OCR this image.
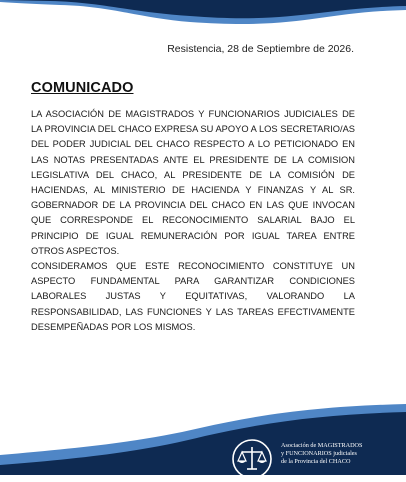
Resistencia, 28 de Septiembre de 2026.
COMUNICADO

LA ASOCIACIÓN DE MAGISTRADOS Y FUNCIONARIOS JUDICIALES DE LA PROVINCIA DEL CHACO EXPRESA SU APOYO A LOS SECRETARIO/AS DEL PODER JUDICIAL DEL CHACO RESPECTO A LO PETICIONADO EN LAS NOTAS PRESENTADAS ANTE EL PRESIDENTE DE LA COMISION LEGISLATIVA DEL CHACO, AL PRESIDENTE DE LA COMISIÓN DE HACIENDAS, AL MINISTERIO DE HACIENDA Y FINANZAS Y AL SR. GOBERNADOR DE LA PROVINCIA DEL CHACO EN LAS QUE INVOCAN QUE CORRESPONDE EL RECONOCIMIENTO SALARIAL BAJO EL PRINCIPIO DE IGUAL REMUNERACIÓN POR IGUAL TAREA ENTRE OTROS ASPECTOS.

CONSIDERAMOS QUE ESTE RECONOCIMIENTO CONSTITUYE UN ASPECTO FUNDAMENTAL PARA GARANTIZAR CONDICIONES LABORALES JUSTAS Y EQUITATIVAS, VALORANDO LA RESPONSABILIDAD, LAS FUNCIONES Y LAS TAREAS EFECTIVAMENTE DESEMPEÑADAS POR LOS MISMOS.

Asociación de MAGISTRADOS
y FUNCIONARIOS judiciales
de la Provincia del CHACO
